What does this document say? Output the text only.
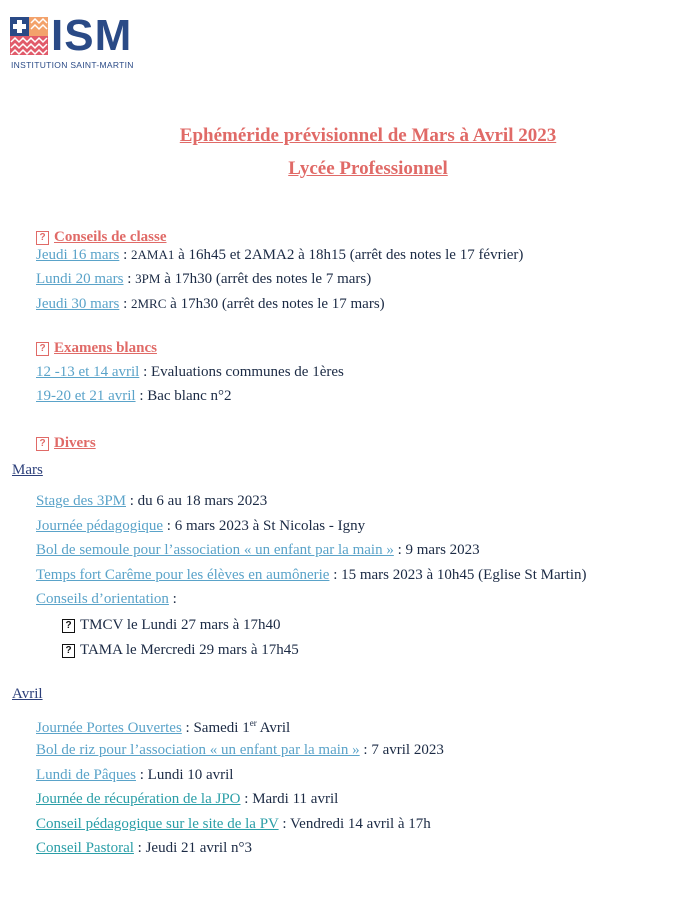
ISM
INSTITUTION SAINT-MARTIN
Ephéméride prévisionnel de Mars à Avril 2023
Lycée Professionnel
? Conseils de classe
Jeudi 16 mars : 2AMA1 à 16h45 et 2AMA2 à 18h15 (arrêt des notes le 17 février)
Lundi 20 mars : 3PM à 17h30 (arrêt des notes le 7 mars)
Jeudi 30 mars : 2MRC à 17h30 (arrêt des notes le 17 mars)
? Examens blancs
12 -13 et 14 avril : Evaluations communes de 1ères
19-20 et 21 avril : Bac blanc n°2
? Divers
Mars
Stage des 3PM : du 6 au 18 mars 2023
Journée pédagogique : 6 mars 2023 à St Nicolas - Igny
Bol de semoule pour l’association « un enfant par la main » : 9 mars 2023
Temps fort Carême pour les élèves en aumônerie : 15 mars 2023 à 10h45 (Eglise St Martin)
Conseils d’orientation :
? TMCV le Lundi 27 mars à 17h40
? TAMA le Mercredi 29 mars à 17h45
Avril
Journée Portes Ouvertes : Samedi 1er Avril
Bol de riz pour l’association « un enfant par la main » : 7 avril 2023
Lundi de Pâques : Lundi 10 avril
Journée de récupération de la JPO : Mardi 11 avril
Conseil pédagogique sur le site de la PV : Vendredi 14 avril à 17h
Conseil Pastoral : Jeudi 21 avril n°3
